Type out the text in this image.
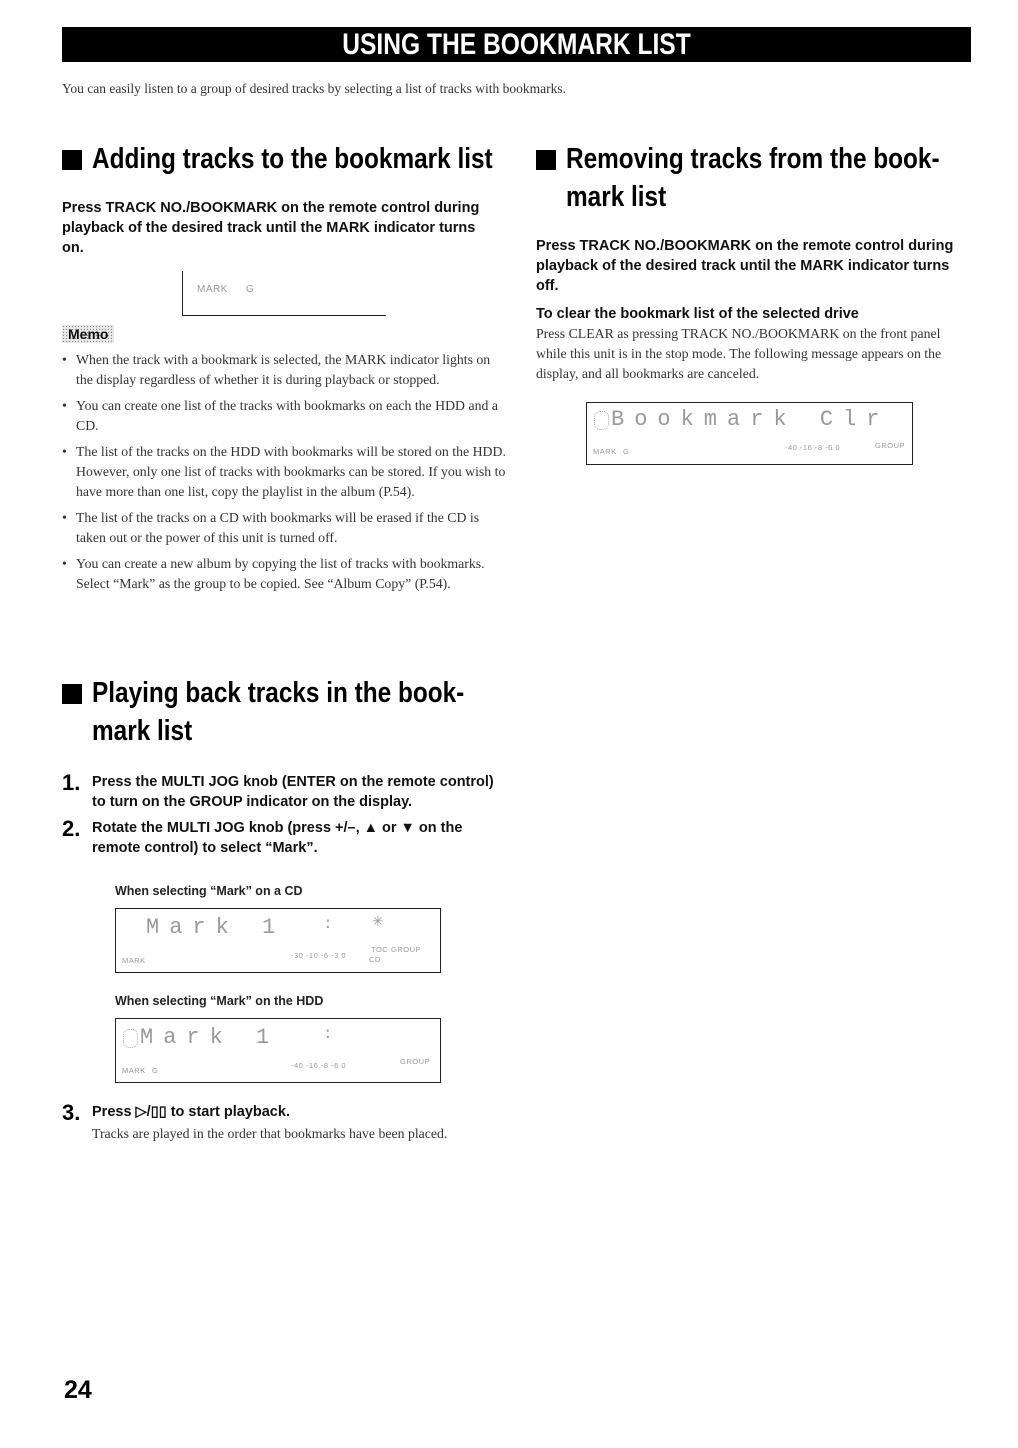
USING THE BOOKMARK LIST
You can easily listen to a group of desired tracks by selecting a list of tracks with bookmarks.
Adding tracks to the bookmark list
Press TRACK NO./BOOKMARK on the remote control during playback of the desired track until the MARK indicator turns on.
MARK G
Memo
• When the track with a bookmark is selected, the MARK indicator lights on the display regardless of whether it is during playback or stopped.
• You can create one list of the tracks with bookmarks on each the HDD and a CD.
• The list of the tracks on the HDD with bookmarks will be stored on the HDD. However, only one list of tracks with bookmarks can be stored. If you wish to have more than one list, copy the playlist in the album (P.54).
• The list of the tracks on a CD with bookmarks will be erased if the CD is taken out or the power of this unit is turned off.
• You can create a new album by copying the list of tracks with bookmarks. Select “Mark” as the group to be copied. See “Album Copy” (P.54).
Removing tracks from the book-
mark list
Press TRACK NO./BOOKMARK on the remote control during playback of the desired track until the MARK indicator turns off.
To clear the bookmark list of the selected drive
Press CLEAR as pressing TRACK NO./BOOKMARK on the front panel while this unit is in the stop mode. The following message appears on the display, and all bookmarks are canceled.
Bookmark Clr
MARK G	-40 -16 -8 -6 0	GROUP
Playing back tracks in the book-
mark list
1. Press the MULTI JOG knob (ENTER on the remote control) to turn on the GROUP indicator on the display.
2. Rotate the MULTI JOG knob (press +/–, ▲ or ▼ on the remote control) to select “Mark”.
When selecting “Mark” on a CD
Mark 1 : ✳
MARK
-30 -10 -6 -3 0
TOC GROUP
CD
When selecting “Mark” on the HDD
Mark 1	:
MARK G
-40 -16 -8 -6 0	GROUP
3. Press ▷/▯▯ to start playback.
Tracks are played in the order that bookmarks have been placed.
24
